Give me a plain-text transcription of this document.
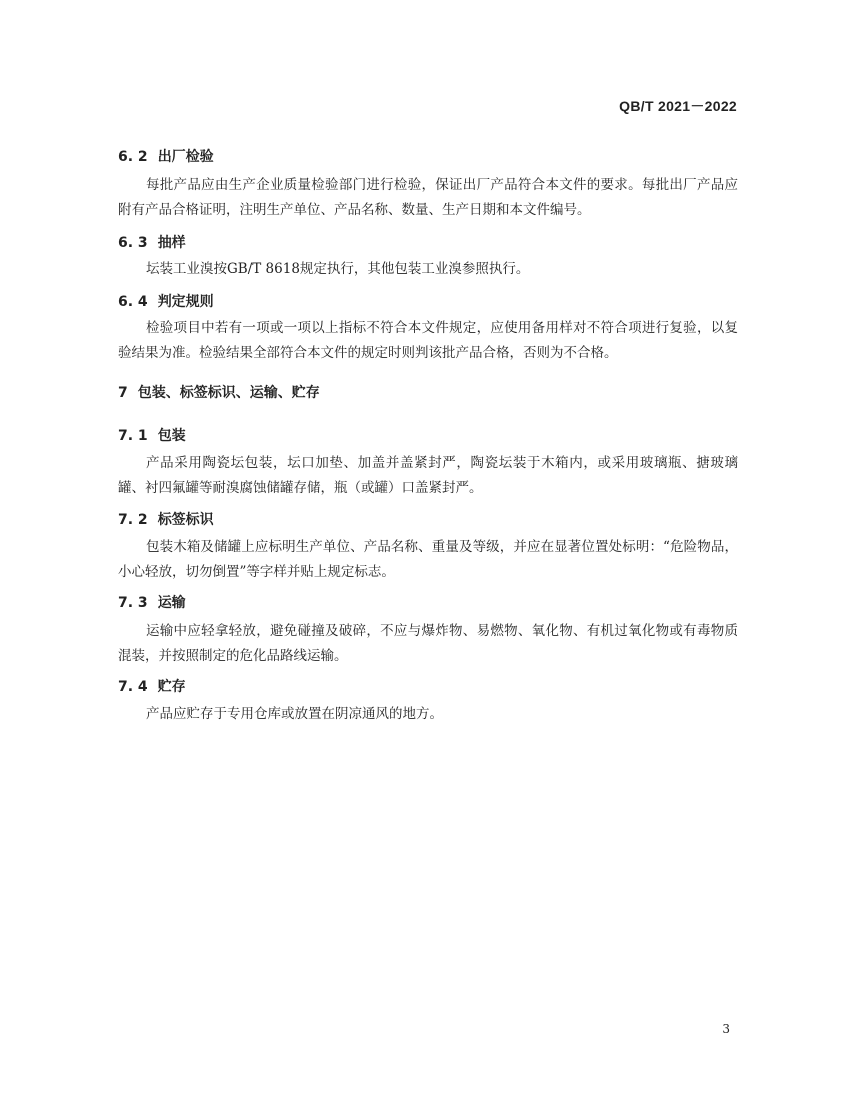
QB/T 2021－2022
6. 2 出厂检验
每批产品应由生产企业质量检验部门进行检验，保证出厂产品符合本文件的要求。每批出厂产品应附有产品合格证明，注明生产单位、产品名称、数量、生产日期和本文件编号。
6. 3 抽样
坛装工业溴按GB/T 8618规定执行，其他包装工业溴参照执行。
6. 4 判定规则
检验项目中若有一项或一项以上指标不符合本文件规定，应使用备用样对不符合项进行复验，以复验结果为准。检验结果全部符合本文件的规定时则判该批产品合格，否则为不合格。
7 包装、标签标识、运输、贮存
7. 1 包装
产品采用陶瓷坛包装，坛口加垫、加盖并盖紧封严，陶瓷坛装于木箱内，或采用玻璃瓶、搪玻璃罐、衬四氟罐等耐溴腐蚀储罐存储，瓶（或罐）口盖紧封严。
7. 2 标签标识
包装木箱及储罐上应标明生产单位、产品名称、重量及等级，并应在显著位置处标明：“危险物品，小心轻放，切勿倒置”等字样并贴上规定标志。
7. 3 运输
运输中应轻拿轻放，避免碰撞及破碎，不应与爆炸物、易燃物、氧化物、有机过氧化物或有毒物质混装，并按照制定的危化品路线运输。
7. 4 贮存
产品应贮存于专用仓库或放置在阴凉通风的地方。
3
